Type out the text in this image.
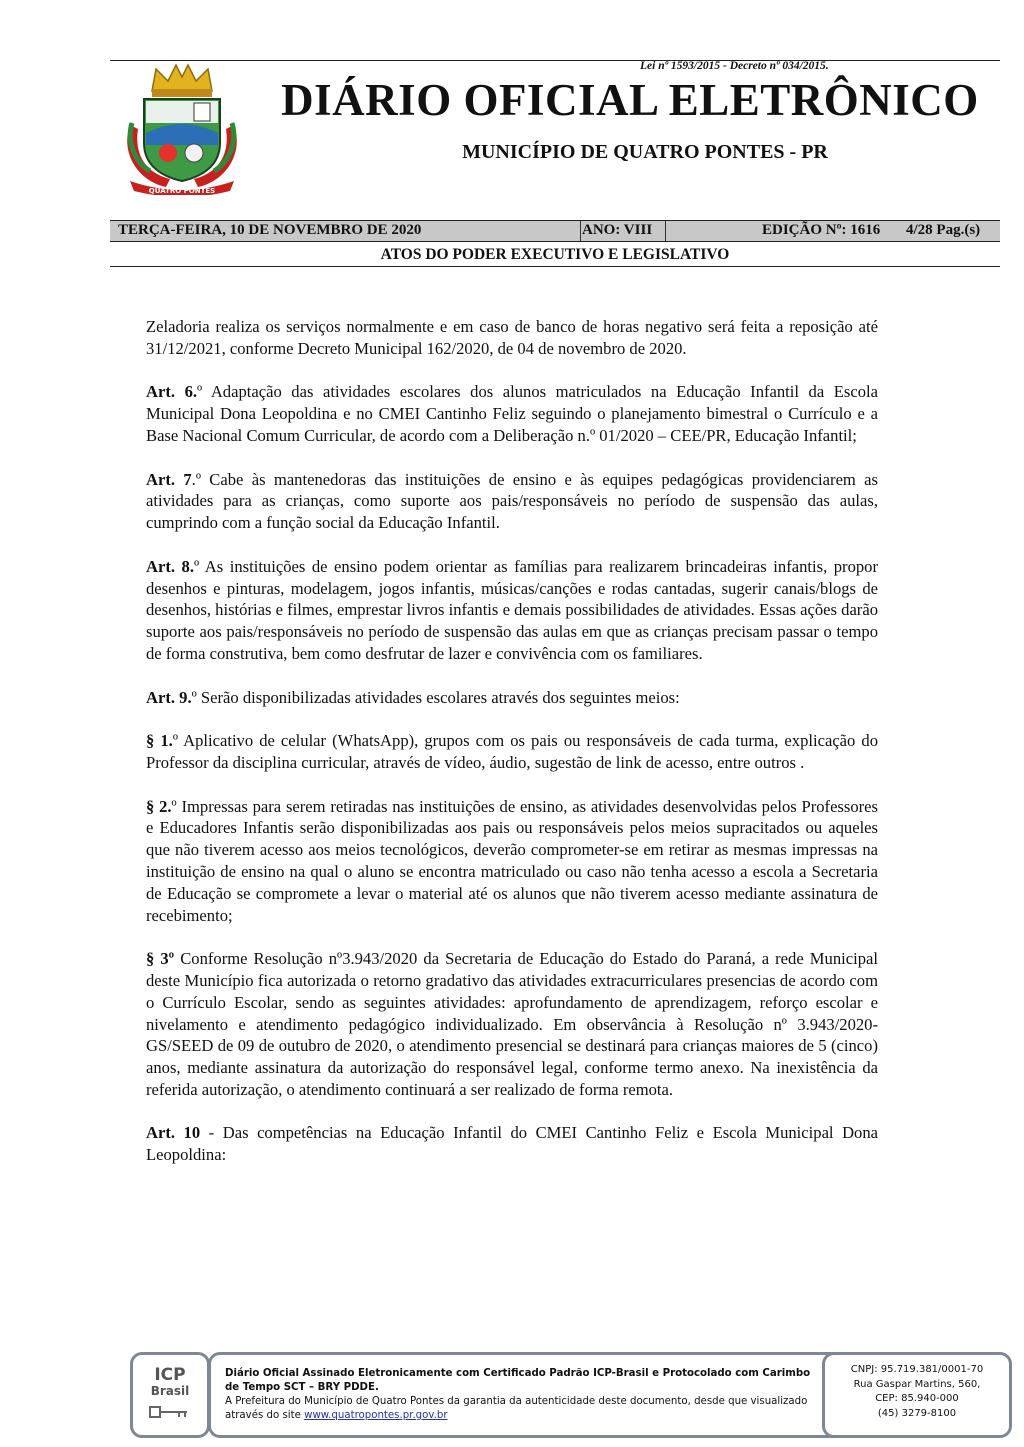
Lei nº 1593/2015 - Decreto nº 034/2015.
QUATRO PONTES
DIÁRIO OFICIAL ELETRÔNICO
MUNICÍPIO DE QUATRO PONTES - PR
TERÇA-FEIRA, 10 DE NOVEMBRO DE 2020	ANO: VIII	EDIÇÃO Nº: 1616 4/28 Pag.(s)
ATOS DO PODER EXECUTIVO E LEGISLATIVO

Zeladoria realiza os serviços normalmente e em caso de banco de horas negativo será feita a reposição até 31/12/2021, conforme Decreto Municipal 162/2020, de 04 de novembro de 2020.

Art. 6.º Adaptação das atividades escolares dos alunos matriculados na Educação Infantil da Escola Municipal Dona Leopoldina e no CMEI Cantinho Feliz seguindo o planejamento bimestral o Currículo e a Base Nacional Comum Curricular, de acordo com a Deliberação n.º 01/2020 – CEE/PR, Educação Infantil;

Art. 7.º Cabe às mantenedoras das instituições de ensino e às equipes pedagógicas providenciarem as atividades para as crianças, como suporte aos pais/responsáveis no período de suspensão das aulas, cumprindo com a função social da Educação Infantil.

Art. 8.º As instituições de ensino podem orientar as famílias para realizarem brincadeiras infantis, propor desenhos e pinturas, modelagem, jogos infantis, músicas/canções e rodas cantadas, sugerir canais/blogs de desenhos, histórias e filmes, emprestar livros infantis e demais possibilidades de atividades. Essas ações darão suporte aos pais/responsáveis no período de suspensão das aulas em que as crianças precisam passar o tempo de forma construtiva, bem como desfrutar de lazer e convivência com os familiares.

Art. 9.º Serão disponibilizadas atividades escolares através dos seguintes meios:

§ 1.º Aplicativo de celular (WhatsApp), grupos com os pais ou responsáveis de cada turma, explicação do Professor da disciplina curricular, através de vídeo, áudio, sugestão de link de acesso, entre outros .

§ 2.º Impressas para serem retiradas nas instituições de ensino, as atividades desenvolvidas pelos Professores e Educadores Infantis serão disponibilizadas aos pais ou responsáveis pelos meios supracitados ou aqueles que não tiverem acesso aos meios tecnológicos, deverão comprometer-se em retirar as mesmas impressas na instituição de ensino na qual o aluno se encontra matriculado ou caso não tenha acesso a escola a Secretaria de Educação se compromete a levar o material até os alunos que não tiverem acesso mediante assinatura de recebimento;

§ 3º Conforme Resolução nº3.943/2020 da Secretaria de Educação do Estado do Paraná, a rede Municipal deste Município fica autorizada o retorno gradativo das atividades extracurriculares presencias de acordo com o Currículo Escolar, sendo as seguintes atividades: aprofundamento de aprendizagem, reforço escolar e nivelamento e atendimento pedagógico individualizado. Em observância à Resolução nº 3.943/2020-GS/SEED de 09 de outubro de 2020, o atendimento presencial se destinará para crianças maiores de 5 (cinco) anos, mediante assinatura da autorização do responsável legal, conforme termo anexo. Na inexistência da referida autorização, o atendimento continuará a ser realizado de forma remota.

Art. 10 - Das competências na Educação Infantil do CMEI Cantinho Feliz e Escola Municipal Dona Leopoldina:

ICP
Brasil
Diário Oficial Assinado Eletronicamente com Certificado Padrão ICP-Brasil e Protocolado com Carimbo de Tempo SCT – BRY PDDE.
A Prefeitura do Município de Quatro Pontes da garantia da autenticidade deste documento, desde que visualizado através do site www.quatropontes.pr.gov.br
CNPJ: 95.719.381/0001-70
Rua Gaspar Martins, 560,
CEP: 85.940-000
(45) 3279-8100
